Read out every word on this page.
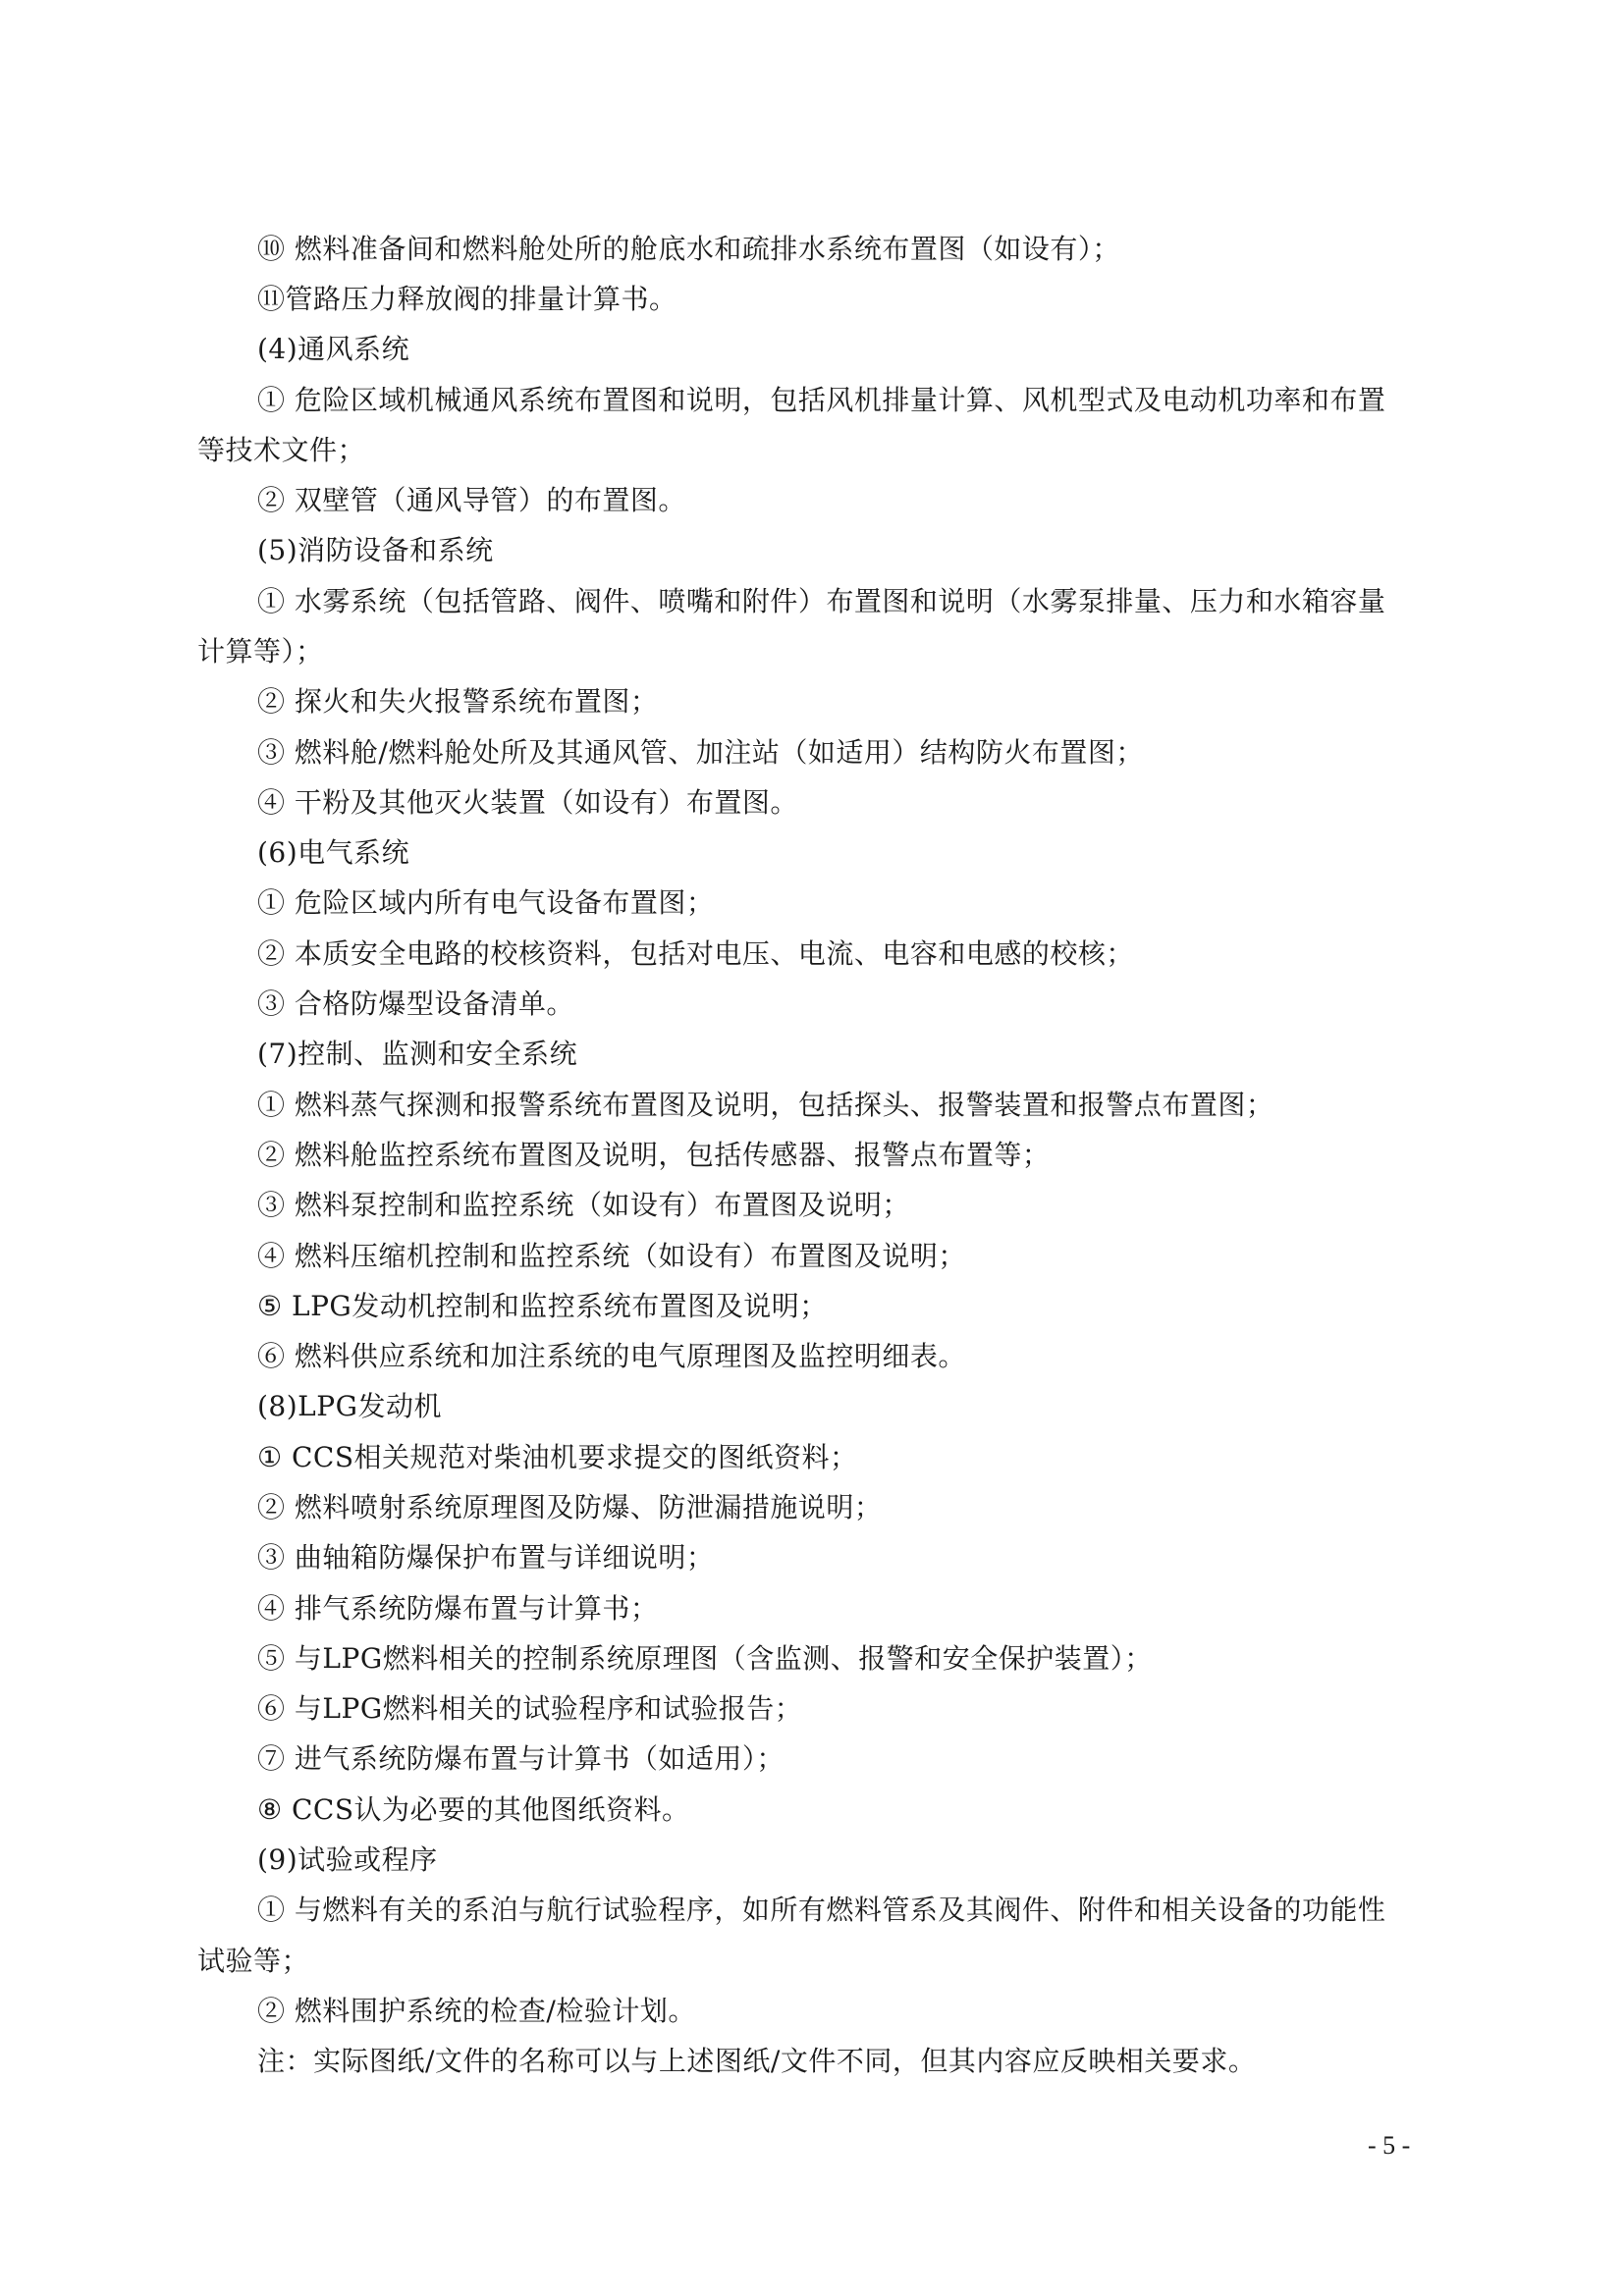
⑩ 燃料准备间和燃料舱处所的舱底水和疏排水系统布置图（如设有）；
⑪管路压力释放阀的排量计算书。
(4)通风系统
① 危险区域机械通风系统布置图和说明，包括风机排量计算、风机型式及电动机功率和布置
等技术文件；
② 双壁管（通风导管）的布置图。
(5)消防设备和系统
① 水雾系统（包括管路、阀件、喷嘴和附件）布置图和说明（水雾泵排量、压力和水箱容量
计算等）；
② 探火和失火报警系统布置图；
③ 燃料舱/燃料舱处所及其通风管、加注站（如适用）结构防火布置图；
④ 干粉及其他灭火装置（如设有）布置图。
(6)电气系统
① 危险区域内所有电气设备布置图；
② 本质安全电路的校核资料，包括对电压、电流、电容和电感的校核；
③ 合格防爆型设备清单。
(7)控制、监测和安全系统
① 燃料蒸气探测和报警系统布置图及说明，包括探头、报警装置和报警点布置图；
② 燃料舱监控系统布置图及说明，包括传感器、报警点布置等；
③ 燃料泵控制和监控系统（如设有）布置图及说明；
④ 燃料压缩机控制和监控系统（如设有）布置图及说明；
⑤ LPG发动机控制和监控系统布置图及说明；
⑥ 燃料供应系统和加注系统的电气原理图及监控明细表。
(8)LPG发动机
① CCS相关规范对柴油机要求提交的图纸资料；
② 燃料喷射系统原理图及防爆、防泄漏措施说明；
③ 曲轴箱防爆保护布置与详细说明；
④ 排气系统防爆布置与计算书；
⑤ 与LPG燃料相关的控制系统原理图（含监测、报警和安全保护装置）；
⑥ 与LPG燃料相关的试验程序和试验报告；
⑦ 进气系统防爆布置与计算书（如适用）；
⑧ CCS认为必要的其他图纸资料。
(9)试验或程序
① 与燃料有关的系泊与航行试验程序，如所有燃料管系及其阀件、附件和相关设备的功能性
试验等；
② 燃料围护系统的检查/检验计划。
注：实际图纸/文件的名称可以与上述图纸/文件不同，但其内容应反映相关要求。
- 5 -
